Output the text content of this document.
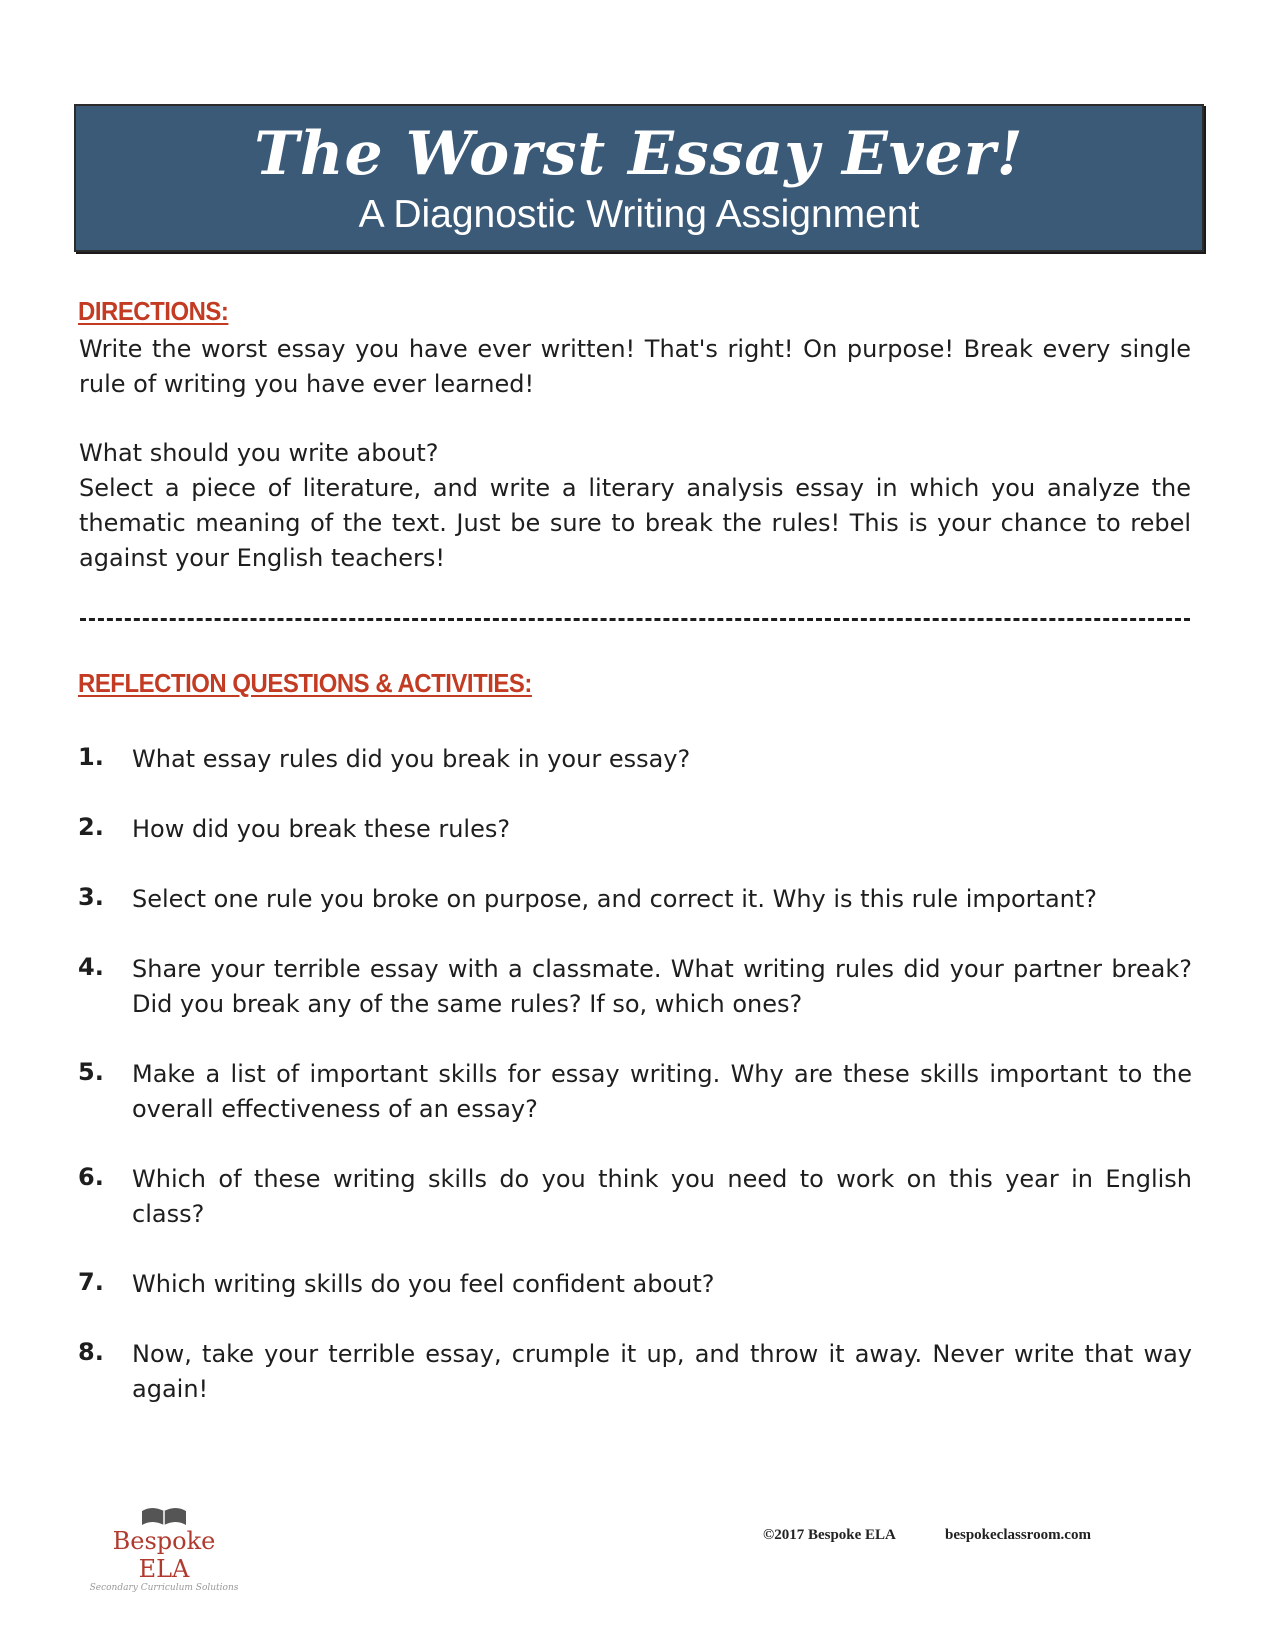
The Worst Essay Ever!
A Diagnostic Writing Assignment
DIRECTIONS:
Write the worst essay you have ever written! That's right! On purpose! Break every single rule of writing you have ever learned!
What should you write about?
Select a piece of literature, and write a literary analysis essay in which you analyze the thematic meaning of the text. Just be sure to break the rules! This is your chance to rebel against your English teachers!
REFLECTION QUESTIONS & ACTIVITIES:
1. What essay rules did you break in your essay?
2. How did you break these rules?
3. Select one rule you broke on purpose, and correct it. Why is this rule important?
4. Share your terrible essay with a classmate. What writing rules did your partner break? Did you break any of the same rules? If so, which ones?
5. Make a list of important skills for essay writing. Why are these skills important to the overall effectiveness of an essay?
6. Which of these writing skills do you think you need to work on this year in English class?
7. Which writing skills do you feel confident about?
8. Now, take your terrible essay, crumple it up, and throw it away. Never write that way again!
Bespoke ELA
Secondary Curriculum Solutions
©2017 Bespoke ELA	bespokeclassroom.com
